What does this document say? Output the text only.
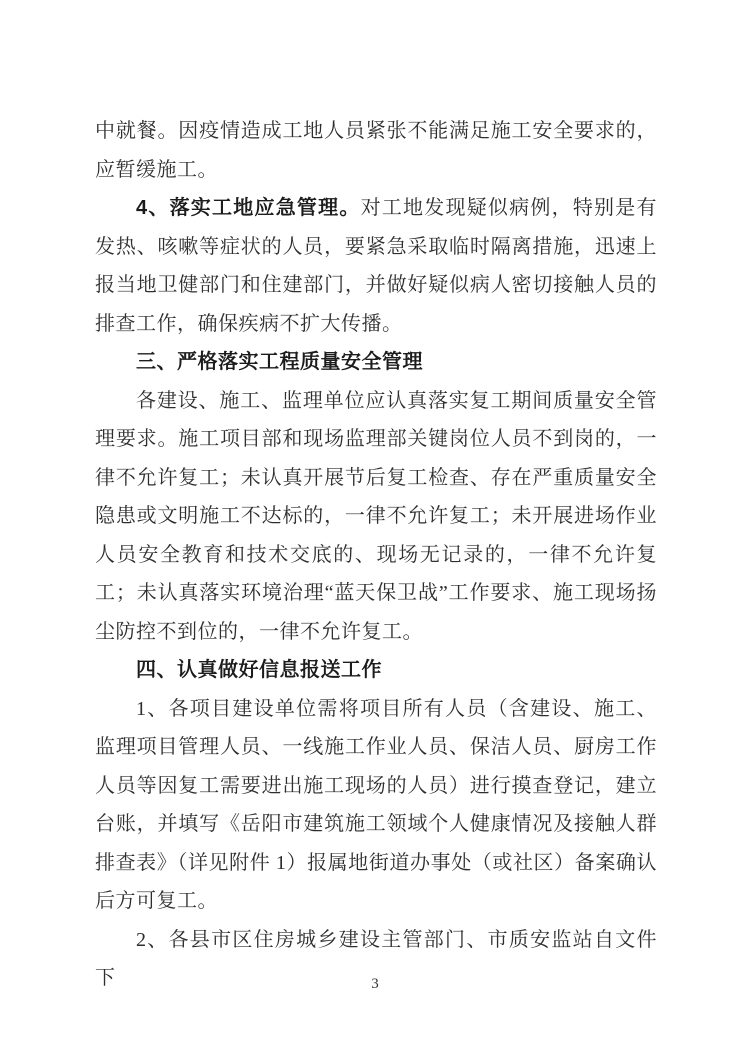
中就餐。因疫情造成工地人员紧张不能满足施工安全要求的，应暂缓施工。

4、落实工地应急管理。对工地发现疑似病例，特别是有发热、咳嗽等症状的人员，要紧急采取临时隔离措施，迅速上报当地卫健部门和住建部门，并做好疑似病人密切接触人员的排查工作，确保疾病不扩大传播。

三、严格落实工程质量安全管理

各建设、施工、监理单位应认真落实复工期间质量安全管理要求。施工项目部和现场监理部关键岗位人员不到岗的，一律不允许复工；未认真开展节后复工检查、存在严重质量安全隐患或文明施工不达标的，一律不允许复工；未开展进场作业人员安全教育和技术交底的、现场无记录的，一律不允许复工；未认真落实环境治理“蓝天保卫战”工作要求、施工现场扬尘防控不到位的，一律不允许复工。

四、认真做好信息报送工作

1、各项目建设单位需将项目所有人员（含建设、施工、监理项目管理人员、一线施工作业人员、保洁人员、厨房工作人员等因复工需要进出施工现场的人员）进行摸查登记，建立台账，并填写《岳阳市建筑施工领域个人健康情况及接触人群排查表》（详见附件 1）报属地街道办事处（或社区）备案确认后方可复工。

2、各县市区住房城乡建设主管部门、市质安监站自文件下	3
